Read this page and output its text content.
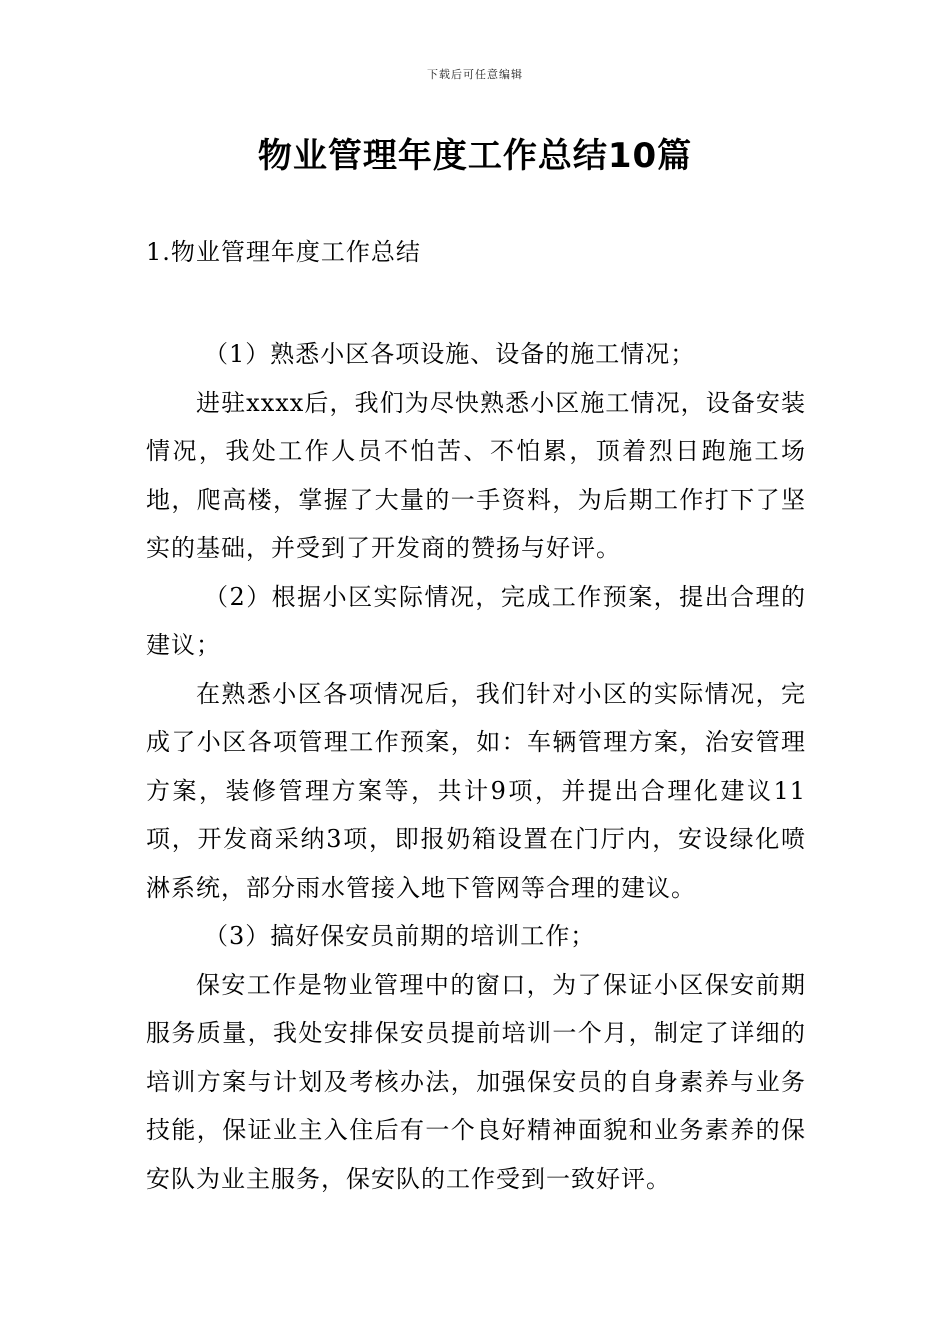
下载后可任意编辑
物业管理年度工作总结10篇
1.物业管理年度工作总结

（1）熟悉小区各项设施、设备的施工情况；

进驻xxxx后，我们为尽快熟悉小区施工情况，设备安装情况，我处工作人员不怕苦、不怕累，顶着烈日跑施工场地，爬高楼，掌握了大量的一手资料，为后期工作打下了坚实的基础，并受到了开发商的赞扬与好评。

（2）根据小区实际情况，完成工作预案，提出合理的建议；

在熟悉小区各项情况后，我们针对小区的实际情况，完成了小区各项管理工作预案，如：车辆管理方案，治安管理方案，装修管理方案等，共计9项，并提出合理化建议11项，开发商采纳3项，即报奶箱设置在门厅内，安设绿化喷淋系统，部分雨水管接入地下管网等合理的建议。

（3）搞好保安员前期的培训工作；

保安工作是物业管理中的窗口，为了保证小区保安前期服务质量，我处安排保安员提前培训一个月，制定了详细的培训方案与计划及考核办法，加强保安员的自身素养与业务技能，保证业主入住后有一个良好精神面貌和业务素养的保安队为业主服务，保安队的工作受到一致好评。
